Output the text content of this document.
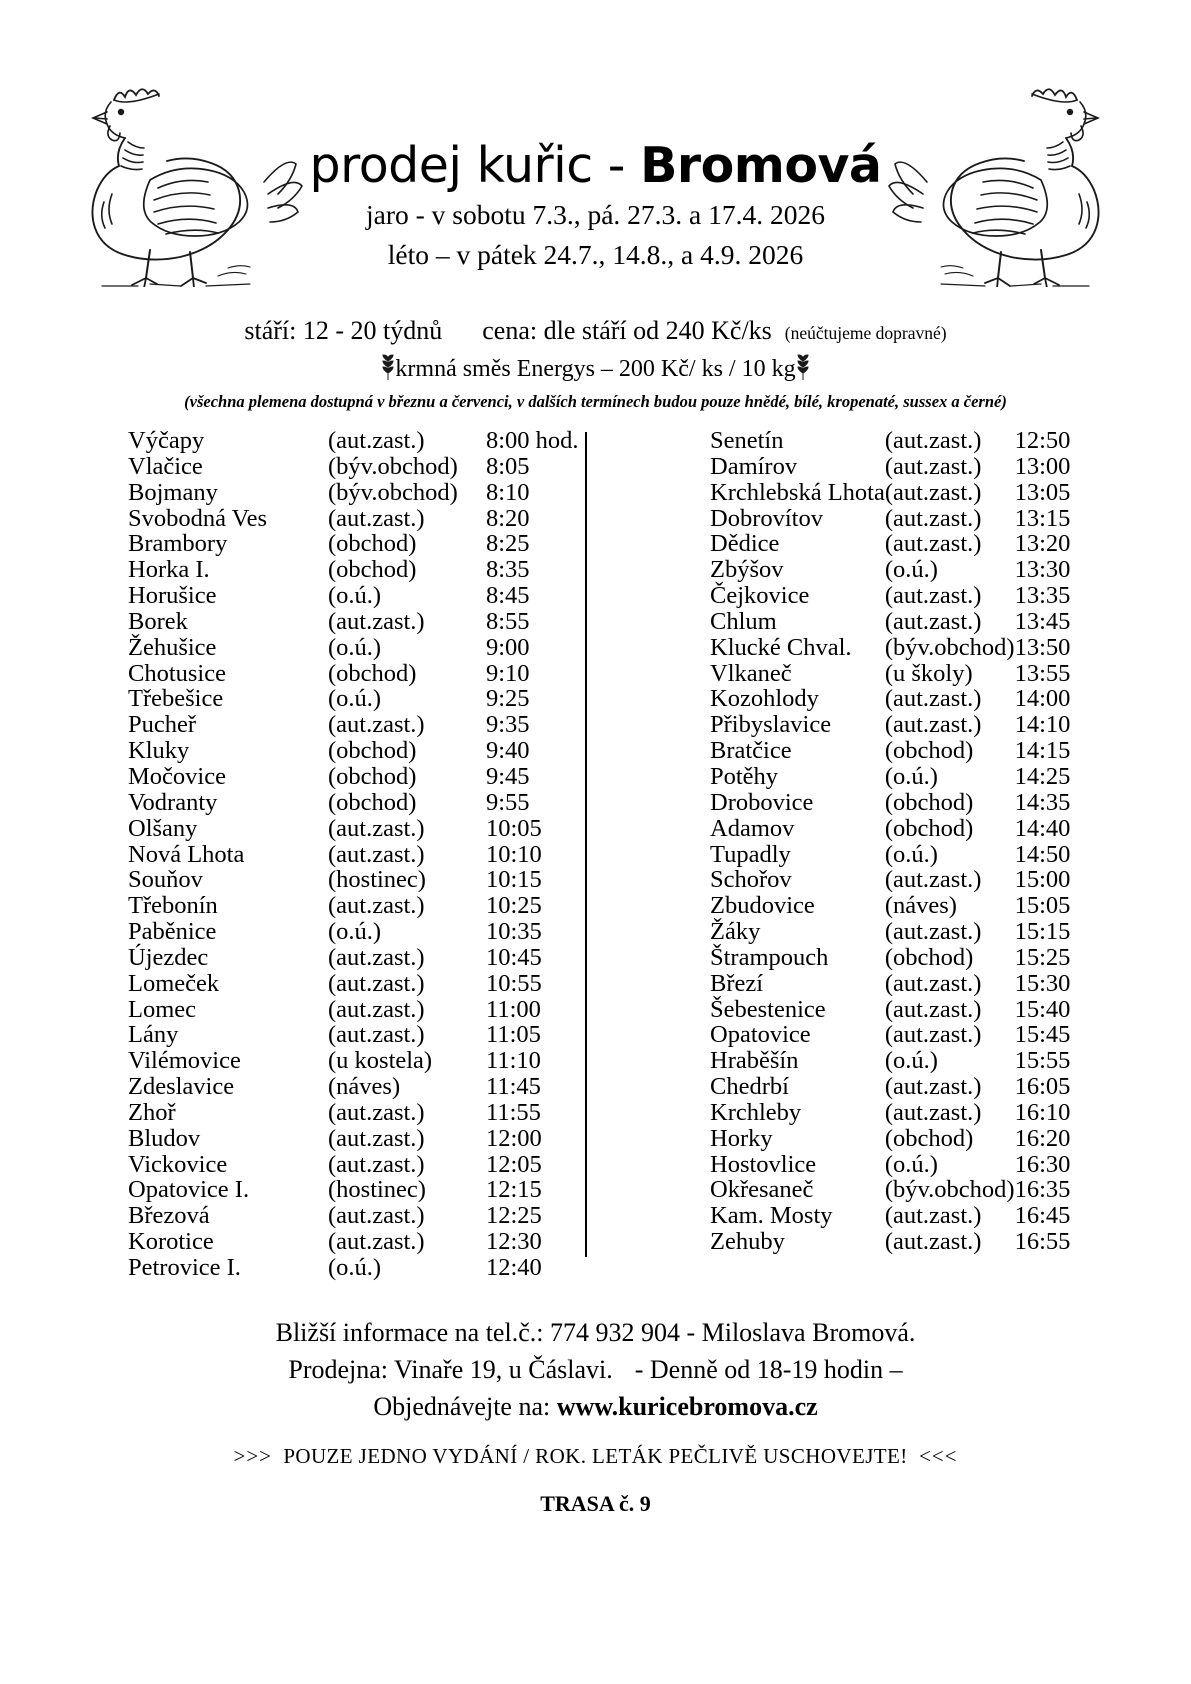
prodej kuřic - Bromová
jaro - v sobotu 7.3., pá. 27.3. a 17.4. 2026
léto – v pátek 24.7., 14.8., a 4.9. 2026
stáří: 12 - 20 týdnů cena: dle stáří od 240 Kč/ks (neúčtujeme dopravné)
krmná směs Energys – 200 Kč/ ks / 10 kg
(všechna plemena dostupná v březnu a červenci, v dalších termínech budou pouze hnědé, bílé, kropenaté, sussex a černé)
Výčapy	(aut.zast.)	8:00 hod.
Vlačice	(býv.obchod)	8:05
Bojmany	(býv.obchod)	8:10
Svobodná Ves	(aut.zast.)	8:20
Brambory	(obchod)	8:25
Horka I.	(obchod)	8:35
Horušice	(o.ú.)	8:45
Borek	(aut.zast.)	8:55
Žehušice	(o.ú.)	9:00
Chotusice	(obchod)	9:10
Třebešice	(o.ú.)	9:25
Pucheř	(aut.zast.)	9:35
Kluky	(obchod)	9:40
Močovice	(obchod)	9:45
Vodranty	(obchod)	9:55
Olšany	(aut.zast.)	10:05
Nová Lhota	(aut.zast.)	10:10
Souňov	(hostinec)	10:15
Třebonín	(aut.zast.)	10:25
Paběnice	(o.ú.)	10:35
Újezdec	(aut.zast.)	10:45
Lomeček	(aut.zast.)	10:55
Lomec	(aut.zast.)	11:00
Lány	(aut.zast.)	11:05
Vilémovice	(u kostela)	11:10
Zdeslavice	(náves)	11:45
Zhoř	(aut.zast.)	11:55
Bludov	(aut.zast.)	12:00
Vickovice	(aut.zast.)	12:05
Opatovice I.	(hostinec)	12:15
Březová	(aut.zast.)	12:25
Korotice	(aut.zast.)	12:30
Petrovice I.	(o.ú.)	12:40
Senetín	(aut.zast.)	12:50
Damírov	(aut.zast.)	13:00
Krchlebská Lhota	(aut.zast.)	13:05
Dobrovítov	(aut.zast.)	13:15
Dědice	(aut.zast.)	13:20
Zbýšov	(o.ú.)	13:30
Čejkovice	(aut.zast.)	13:35
Chlum	(aut.zast.)	13:45
Klucké Chval.	(býv.obchod)	13:50
Vlkaneč	(u školy)	13:55
Kozohlody	(aut.zast.)	14:00
Přibyslavice	(aut.zast.)	14:10
Bratčice	(obchod)	14:15
Potěhy	(o.ú.)	14:25
Drobovice	(obchod)	14:35
Adamov	(obchod)	14:40
Tupadly	(o.ú.)	14:50
Schořov	(aut.zast.)	15:00
Zbudovice	(náves)	15:05
Žáky	(aut.zast.)	15:15
Štrampouch	(obchod)	15:25
Březí	(aut.zast.)	15:30
Šebestenice	(aut.zast.)	15:40
Opatovice	(aut.zast.)	15:45
Hraběšín	(o.ú.)	15:55
Chedrbí	(aut.zast.)	16:05
Krchleby	(aut.zast.)	16:10
Horky	(obchod)	16:20
Hostovlice	(o.ú.)	16:30
Okřesaneč	(býv.obchod)	16:35
Kam. Mosty	(aut.zast.)	16:45
Zehuby	(aut.zast.)	16:55
Bližší informace na tel.č.: 774 932 904 - Miloslava Bromová.
Prodejna: Vinaře 19, u Čáslavi. - Denně od 18-19 hodin –
Objednávejte na: www.kuricebromova.cz
>>> POUZE JEDNO VYDÁNÍ / ROK. LETÁK PEČLIVĚ USCHOVEJTE! <<<
TRASA č. 9
